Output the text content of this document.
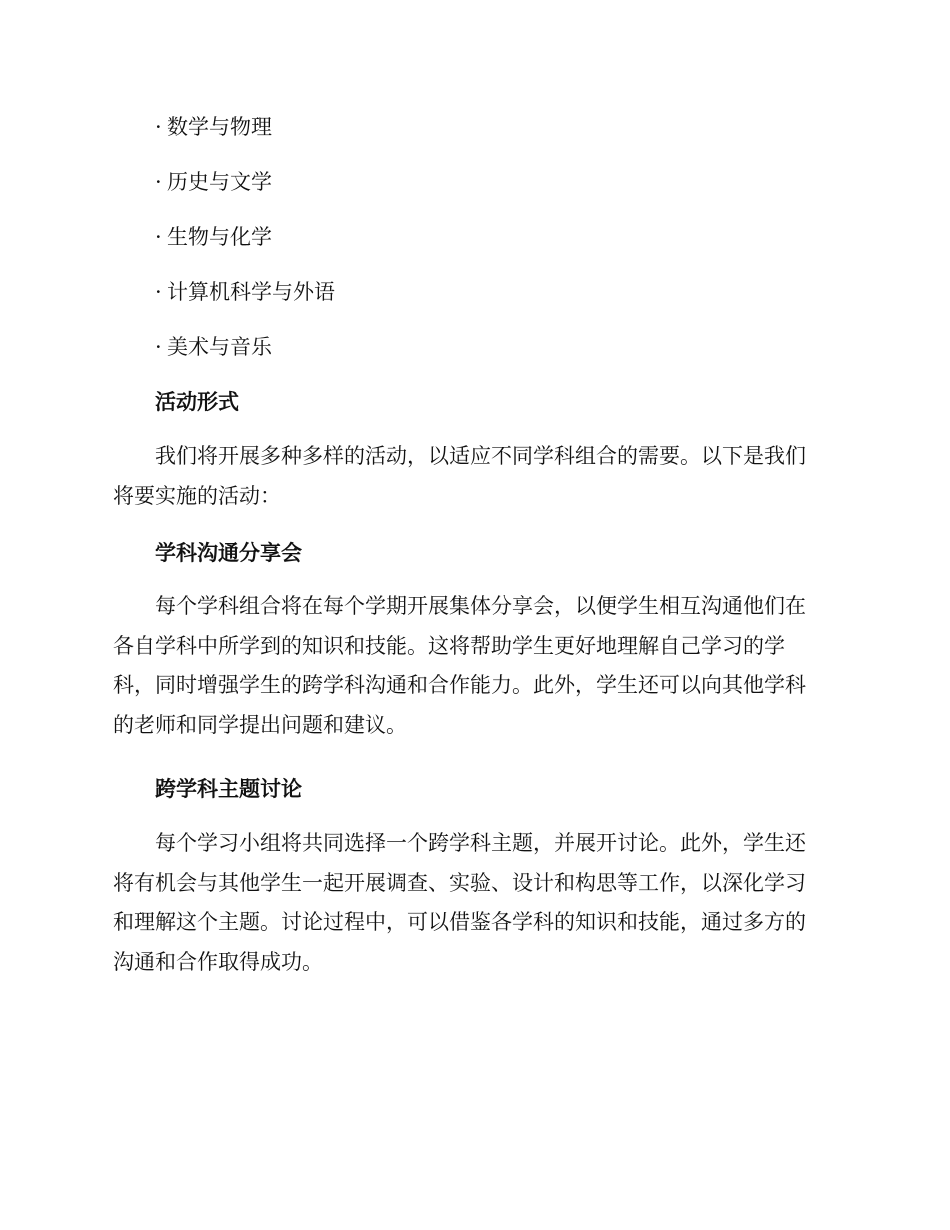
· 数学与物理
· 历史与文学
· 生物与化学
· 计算机科学与外语
· 美术与音乐
活动形式
我们将开展多种多样的活动，以适应不同学科组合的需要。以下是我们
将要实施的活动：
学科沟通分享会
每个学科组合将在每个学期开展集体分享会，以便学生相互沟通他们在
各自学科中所学到的知识和技能。这将帮助学生更好地理解自己学习的学
科，同时增强学生的跨学科沟通和合作能力。此外，学生还可以向其他学科
的老师和同学提出问题和建议。
跨学科主题讨论
每个学习小组将共同选择一个跨学科主题，并展开讨论。此外，学生还
将有机会与其他学生一起开展调查、实验、设计和构思等工作，以深化学习
和理解这个主题。讨论过程中，可以借鉴各学科的知识和技能，通过多方的
沟通和合作取得成功。
